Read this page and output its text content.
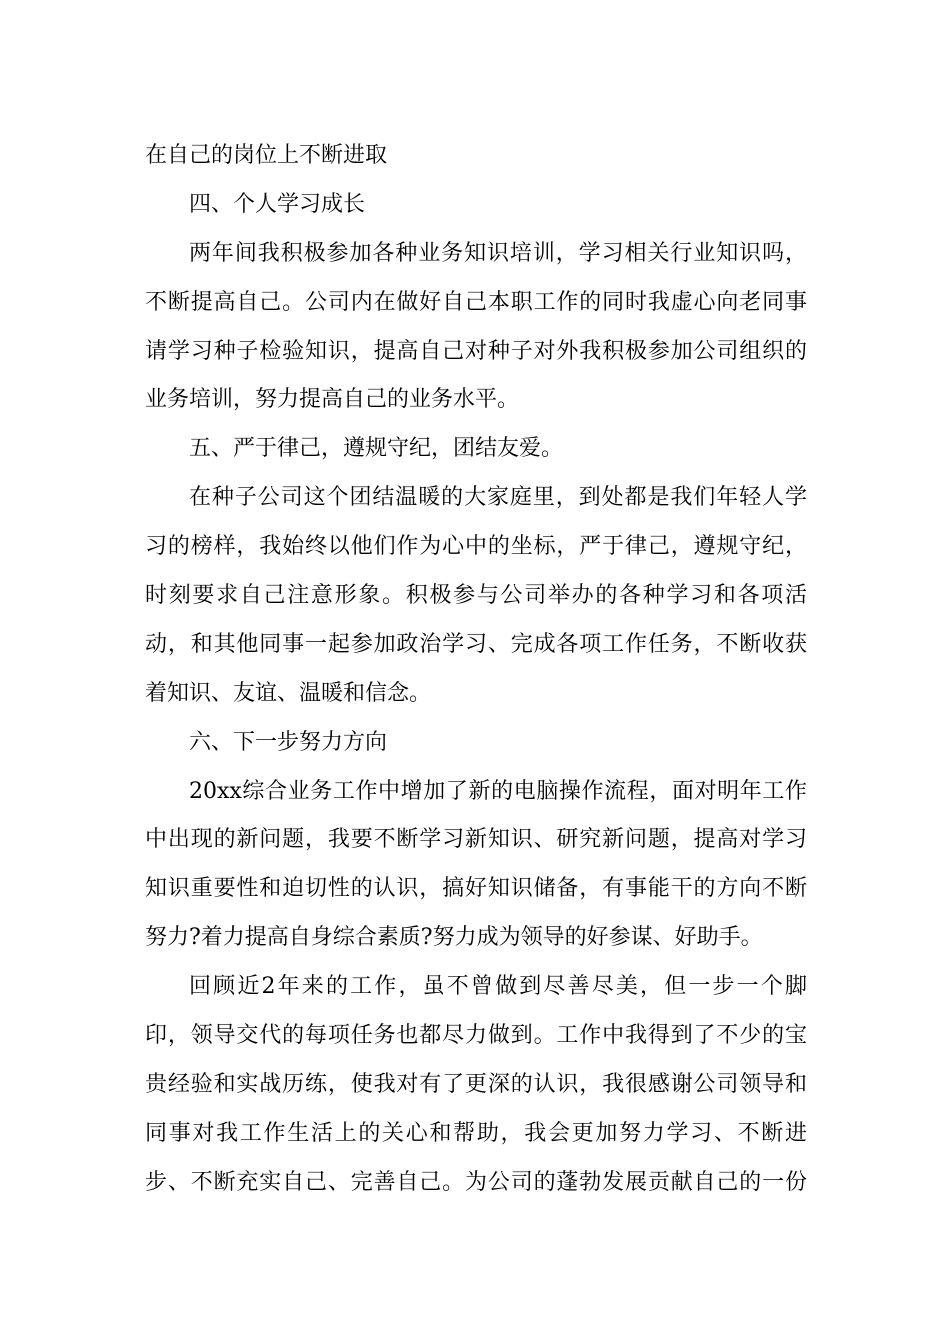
在自己的岗位上不断进取
四、个人学习成长
两年间我积极参加各种业务知识培训，学习相关行业知识吗，
不断提高自己。公司内在做好自己本职工作的同时我虚心向老同事
请学习种子检验知识，提高自己对种子对外我积极参加公司组织的
业务培训，努力提高自己的业务水平。
五、严于律己，遵规守纪，团结友爱。
在种子公司这个团结温暖的大家庭里，到处都是我们年轻人学
习的榜样，我始终以他们作为心中的坐标，严于律己，遵规守纪，
时刻要求自己注意形象。积极参与公司举办的各种学习和各项活
动，和其他同事一起参加政治学习、完成各项工作任务，不断收获
着知识、友谊、温暖和信念。
六、下一步努力方向
20xx综合业务工作中增加了新的电脑操作流程，面对明年工作
中出现的新问题，我要不断学习新知识、研究新问题，提高对学习
知识重要性和迫切性的认识，搞好知识储备，有事能干的方向不断
努力?着力提高自身综合素质?努力成为领导的好参谋、好助手。
回顾近2年来的工作，虽不曾做到尽善尽美，但一步一个脚
印，领导交代的每项任务也都尽力做到。工作中我得到了不少的宝
贵经验和实战历练，使我对有了更深的认识，我很感谢公司领导和
同事对我工作生活上的关心和帮助，我会更加努力学习、不断进
步、不断充实自己、完善自己。为公司的蓬勃发展贡献自己的一份
